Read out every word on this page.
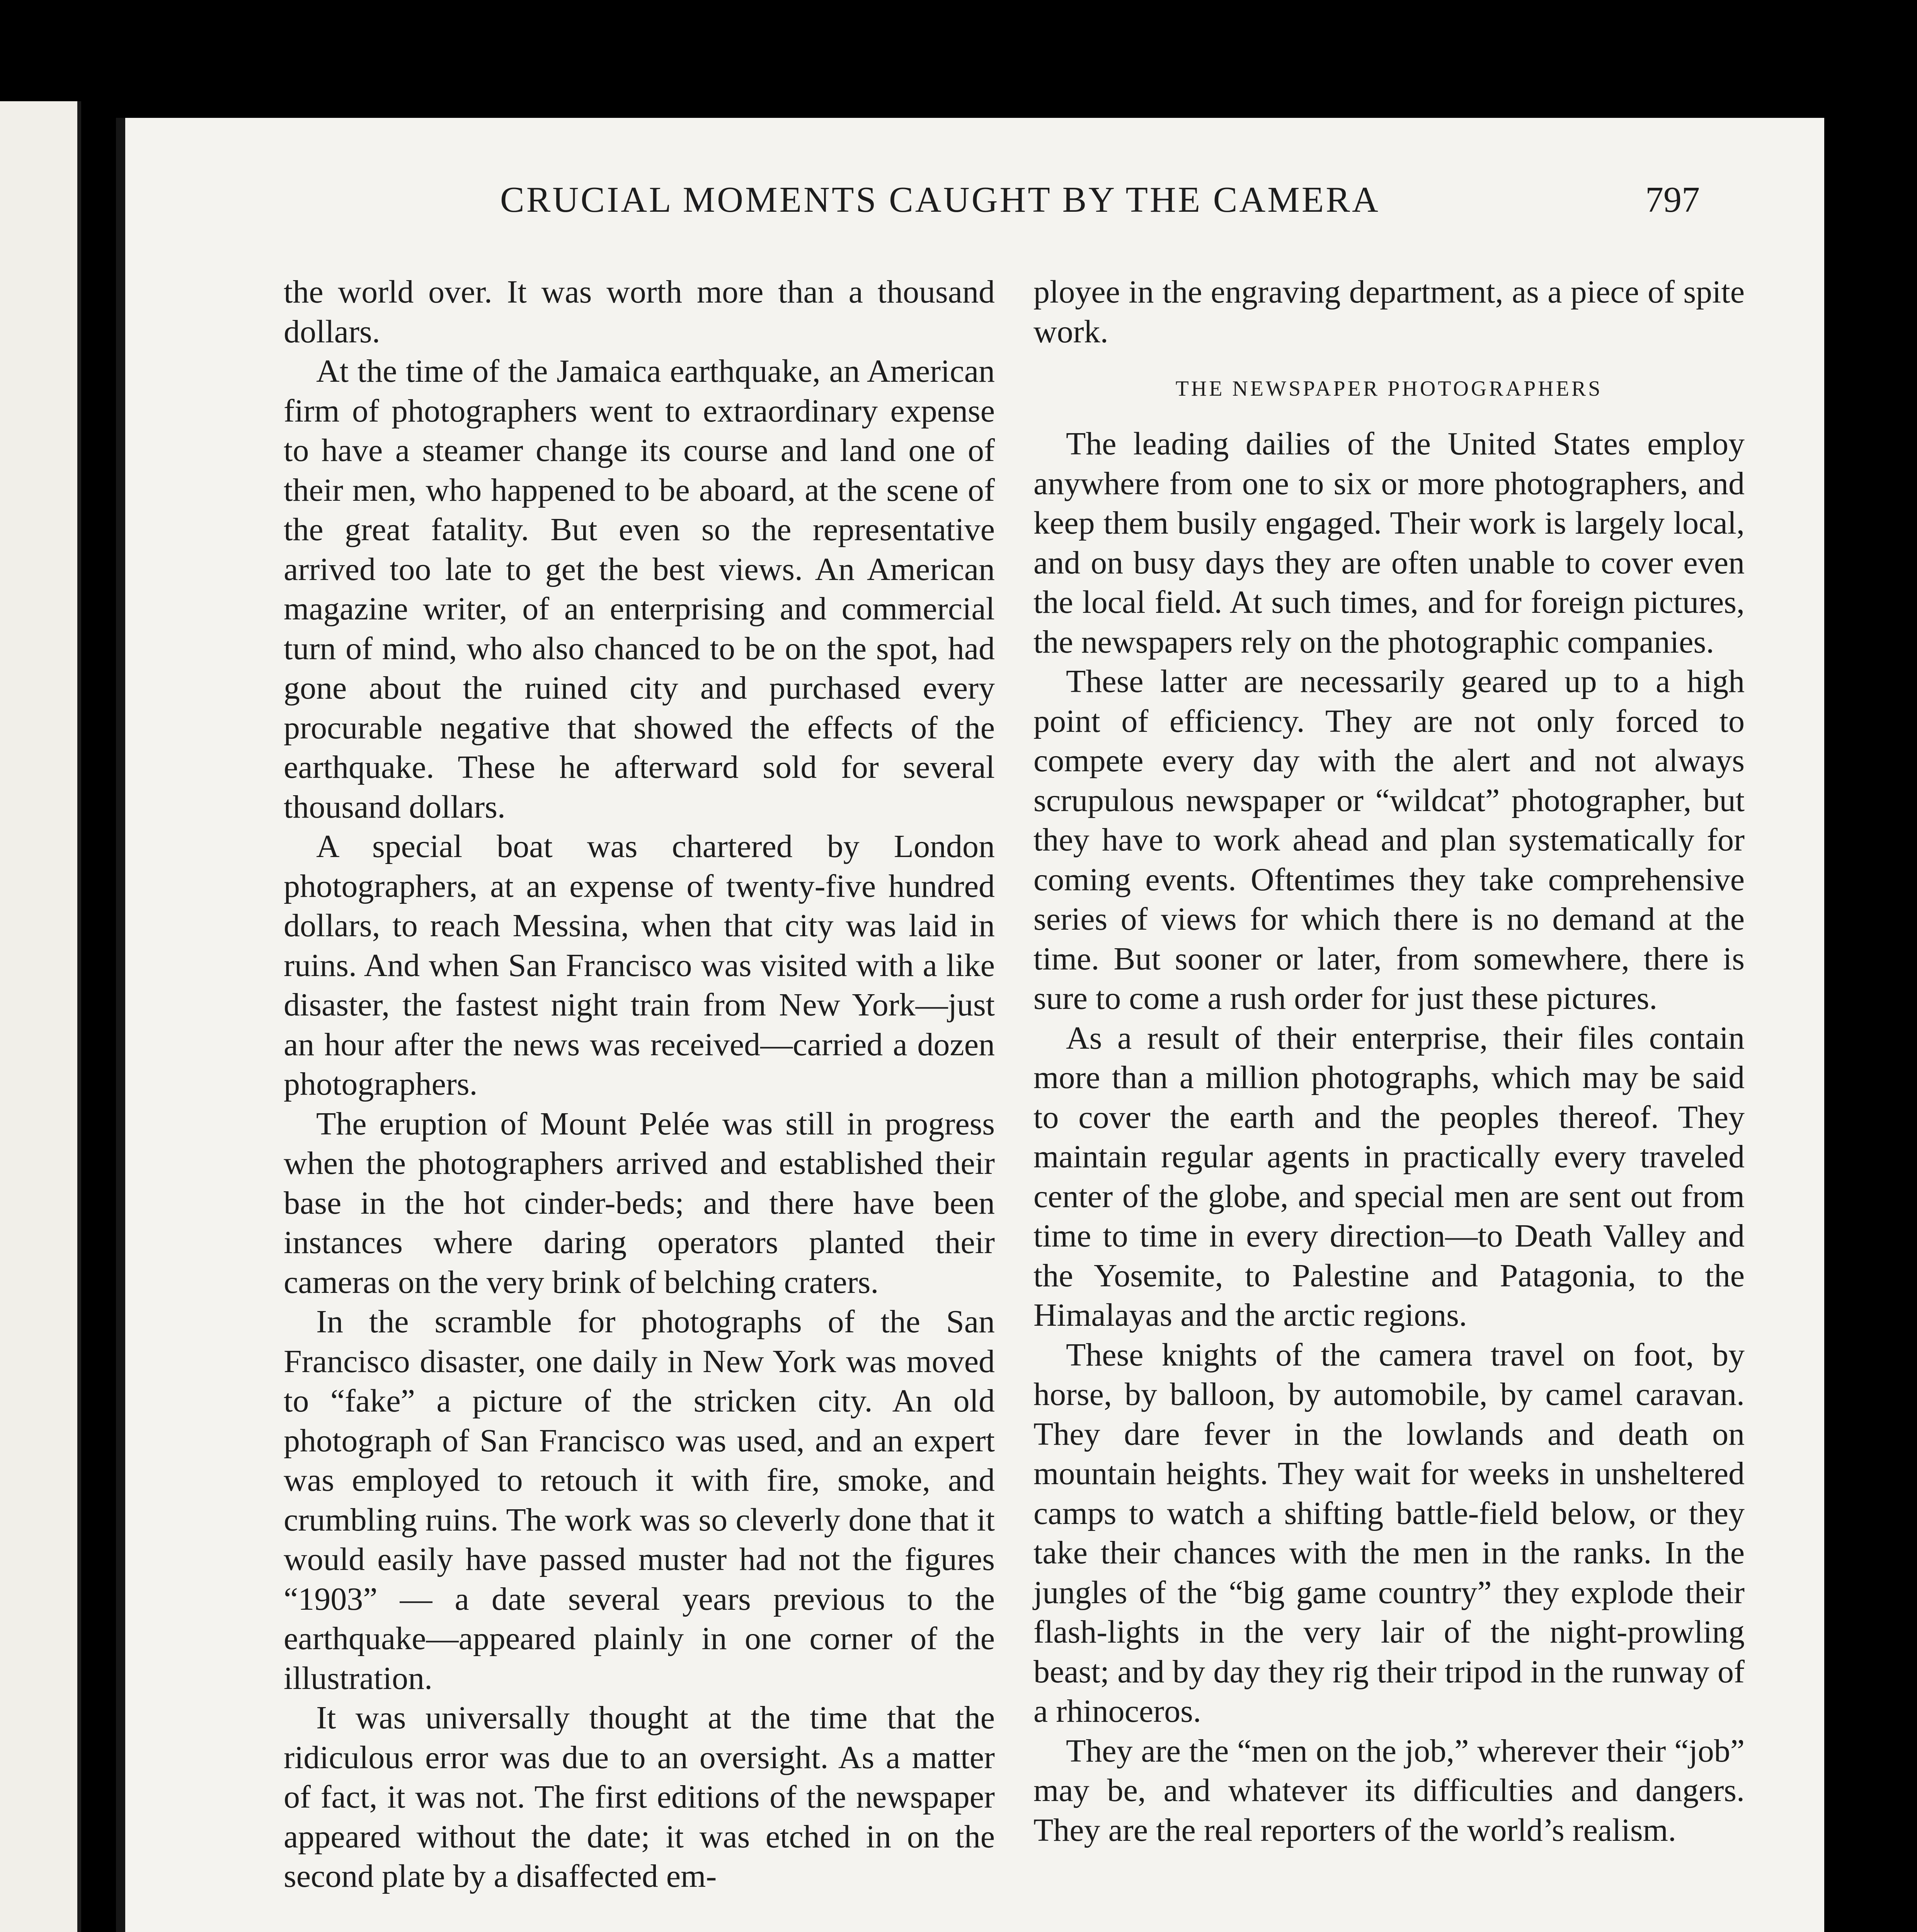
CRUCIAL MOMENTS CAUGHT BY THE CAMERA	797

the world over. It was worth more than a thousand dollars.

At the time of the Jamaica earthquake, an American firm of photographers went to extraordinary expense to have a steamer change its course and land one of their men, who happened to be aboard, at the scene of the great fatality. But even so the representative arrived too late to get the best views. An American magazine writer, of an enterprising and commercial turn of mind, who also chanced to be on the spot, had gone about the ruined city and purchased every procurable negative that showed the effects of the earthquake. These he afterward sold for several thousand dollars.

A special boat was chartered by London photographers, at an expense of twenty-five hundred dollars, to reach Messina, when that city was laid in ruins. And when San Francisco was visited with a like disaster, the fastest night train from New York—just an hour after the news was received—carried a dozen photographers.

The eruption of Mount Pelée was still in progress when the photographers arrived and established their base in the hot cinder-beds; and there have been instances where daring operators planted their cameras on the very brink of belching craters.

In the scramble for photographs of the San Francisco disaster, one daily in New York was moved to “fake” a picture of the stricken city. An old photograph of San Francisco was used, and an expert was employed to retouch it with fire, smoke, and crumbling ruins. The work was so cleverly done that it would easily have passed muster had not the figures “1903” — a date several years previous to the earthquake—appeared plainly in one corner of the illustration.

It was universally thought at the time that the ridiculous error was due to an oversight. As a matter of fact, it was not. The first editions of the newspaper appeared without the date; it was etched in on the second plate by a disaffected em-

ployee in the engraving department, as a piece of spite work.

THE NEWSPAPER PHOTOGRAPHERS

The leading dailies of the United States employ anywhere from one to six or more photographers, and keep them busily engaged. Their work is largely local, and on busy days they are often unable to cover even the local field. At such times, and for foreign pictures, the newspapers rely on the photographic companies.

These latter are necessarily geared up to a high point of efficiency. They are not only forced to compete every day with the alert and not always scrupulous newspaper or “wildcat” photographer, but they have to work ahead and plan systematically for coming events. Oftentimes they take comprehensive series of views for which there is no demand at the time. But sooner or later, from somewhere, there is sure to come a rush order for just these pictures.

As a result of their enterprise, their files contain more than a million photographs, which may be said to cover the earth and the peoples thereof. They maintain regular agents in practically every traveled center of the globe, and special men are sent out from time to time in every direction—to Death Valley and the Yosemite, to Palestine and Patagonia, to the Himalayas and the arctic regions.

These knights of the camera travel on foot, by horse, by balloon, by automobile, by camel caravan. They dare fever in the lowlands and death on mountain heights. They wait for weeks in unsheltered camps to watch a shifting battle-field below, or they take their chances with the men in the ranks. In the jungles of the “big game country” they explode their flash-lights in the very lair of the night-prowling beast; and by day they rig their tripod in the runway of a rhinoceros.

They are the “men on the job,” wherever their “job” may be, and whatever its difficulties and dangers. They are the real reporters of the world’s realism.
